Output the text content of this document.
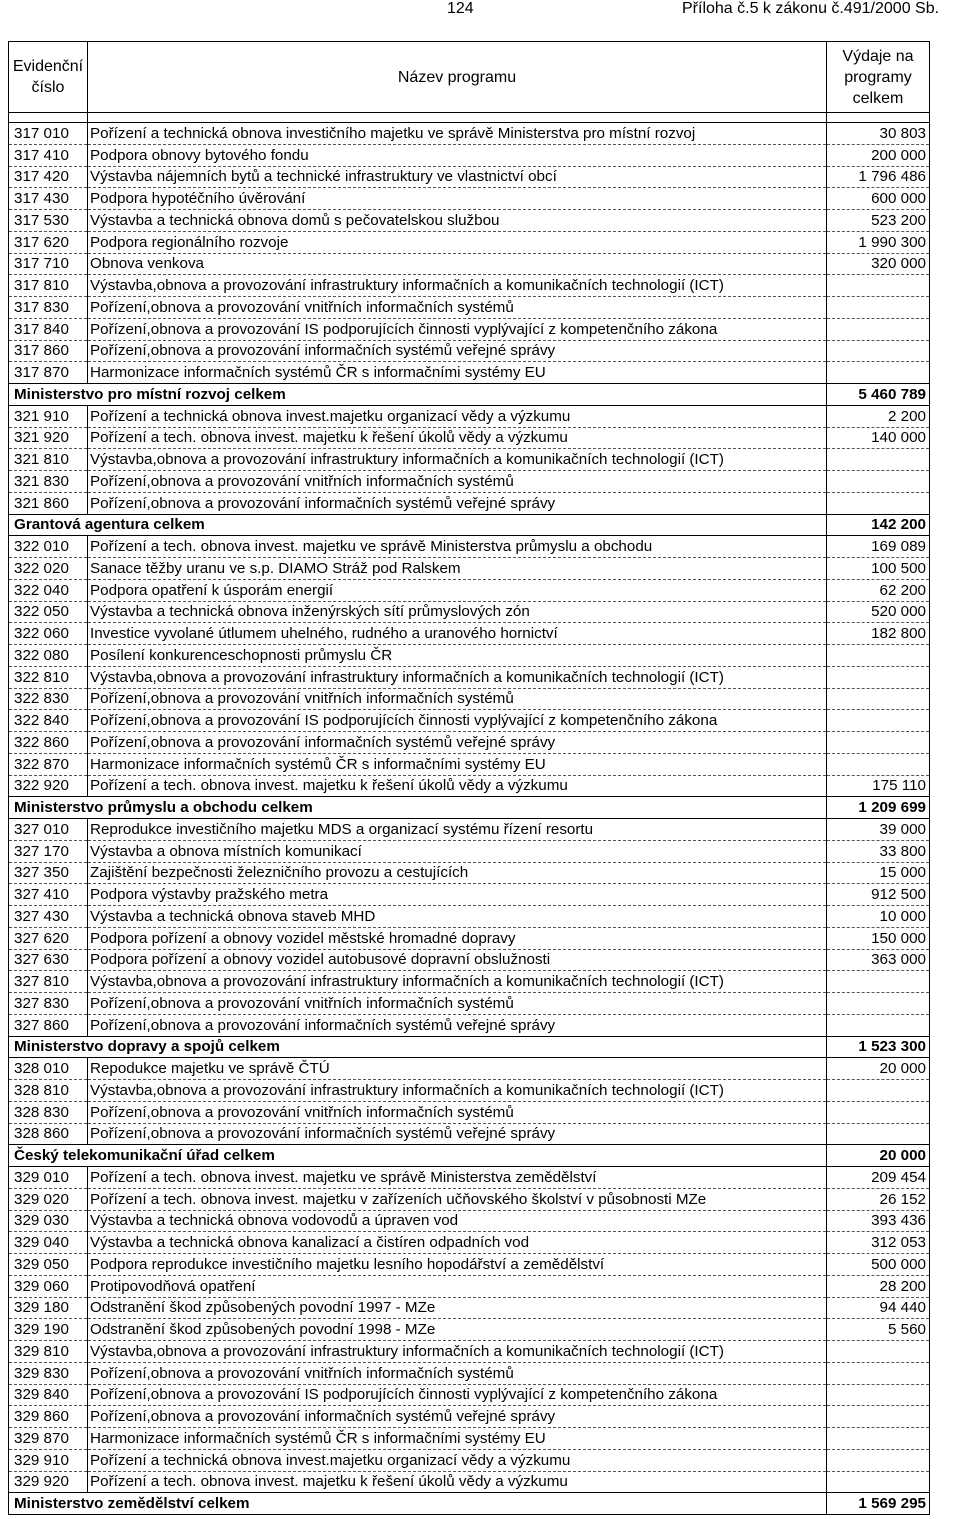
124	Příloha č.5 k zákonu č.491/2000 Sb.
Evidenční číslo	Název programu	Výdaje na programy celkem

317 010	Pořízení a technická obnova investičního majetku ve správě Ministerstva pro místní rozvoj	30 803
317 410	Podpora obnovy bytového fondu	200 000
317 420	Výstavba nájemních bytů a technické infrastruktury ve vlastnictví obcí	1 796 486
317 430	Podpora hypotéčního úvěrování	600 000
317 530	Výstavba a technická obnova domů s pečovatelskou službou	523 200
317 620	Podpora regionálního rozvoje	1 990 300
317 710	Obnova venkova	320 000
317 810	Výstavba,obnova a provozování infrastruktury informačních a komunikačních technologií (ICT)	
317 830	Pořízení,obnova a provozování vnitřních informačních systémů	
317 840	Pořízení,obnova a provozování IS podporujících činnosti vyplývající z kompetenčního zákona	
317 860	Pořízení,obnova a provozování informačních systémů veřejné správy	
317 870	Harmonizace informačních systémů ČR s informačními systémy EU	
Ministerstvo pro místní rozvoj celkem		5 460 789
321 910	Pořízení a technická obnova invest.majetku organizací vědy a výzkumu	2 200
321 920	Pořízení a tech. obnova invest. majetku k řešení úkolů vědy a výzkumu	140 000
321 810	Výstavba,obnova a provozování infrastruktury informačních a komunikačních technologií (ICT)	
321 830	Pořízení,obnova a provozování vnitřních informačních systémů	
321 860	Pořízení,obnova a provozování informačních systémů veřejné správy	
Grantová agentura celkem		142 200
322 010	Pořízení a tech. obnova invest. majetku ve správě Ministerstva průmyslu a obchodu	169 089
322 020	Sanace těžby uranu ve s.p. DIAMO Stráž pod Ralskem	100 500
322 040	Podpora opatření k úsporám energií	62 200
322 050	Výstavba a technická obnova inženýrských sítí průmyslových zón	520 000
322 060	Investice vyvolané útlumem uhelného, rudného a uranového hornictví	182 800
322 080	Posílení konkurenceschopnosti průmyslu ČR	
322 810	Výstavba,obnova a provozování infrastruktury informačních a komunikačních technologií (ICT)	
322 830	Pořízení,obnova a provozování vnitřních informačních systémů	
322 840	Pořízení,obnova a provozování IS podporujících činnosti vyplývající z kompetenčního zákona	
322 860	Pořízení,obnova a provozování informačních systémů veřejné správy	
322 870	Harmonizace informačních systémů ČR s informačními systémy EU	
322 920	Pořízení a tech. obnova invest. majetku k řešení úkolů vědy a výzkumu	175 110
Ministerstvo průmyslu a obchodu celkem		1 209 699
327 010	Reprodukce investičního majetku MDS a organizací systému řízení resortu	39 000
327 170	Výstavba a obnova místních komunikací	33 800
327 350	Zajištění bezpečnosti železničního provozu a cestujících	15 000
327 410	Podpora výstavby pražského metra	912 500
327 430	Výstavba a technická obnova staveb MHD	10 000
327 620	Podpora pořízení a obnovy vozidel městské hromadné dopravy	150 000
327 630	Podpora pořízení a obnovy vozidel autobusové dopravní obslužnosti	363 000
327 810	Výstavba,obnova a provozování infrastruktury informačních a komunikačních technologií (ICT)	
327 830	Pořízení,obnova a provozování vnitřních informačních systémů	
327 860	Pořízení,obnova a provozování informačních systémů veřejné správy	
Ministerstvo dopravy a spojů celkem		1 523 300
328 010	Repodukce majetku ve správě ČTÚ	20 000
328 810	Výstavba,obnova a provozování infrastruktury informačních a komunikačních technologií (ICT)	
328 830	Pořízení,obnova a provozování vnitřních informačních systémů	
328 860	Pořízení,obnova a provozování informačních systémů veřejné správy	
Český telekomunikační úřad celkem		20 000
329 010	Pořízení a tech. obnova invest. majetku ve správě Ministerstva zemědělství	209 454
329 020	Pořízení a tech. obnova invest. majetku v zařízeních učňovského školství v působnosti MZe	26 152
329 030	Výstavba a technická obnova vodovodů a úpraven vod	393 436
329 040	Výstavba a technická obnova kanalizací a čistíren odpadních vod	312 053
329 050	Podpora reprodukce investičního majetku lesního hopodářství a zemědělství	500 000
329 060	Protipovodňová opatření	28 200
329 180	Odstranění škod způsobených povodní 1997 - MZe	94 440
329 190	Odstranění škod způsobených povodní 1998 - MZe	5 560
329 810	Výstavba,obnova a provozování infrastruktury informačních a komunikačních technologií (ICT)	
329 830	Pořízení,obnova a provozování vnitřních informačních systémů	
329 840	Pořízení,obnova a provozování IS podporujících činnosti vyplývající z kompetenčního zákona	
329 860	Pořízení,obnova a provozování informačních systémů veřejné správy	
329 870	Harmonizace informačních systémů ČR s informačními systémy EU	
329 910	Pořízení a technická obnova invest.majetku organizací vědy a výzkumu	
329 920	Pořízení a tech. obnova invest. majetku k řešení úkolů vědy a výzkumu	
Ministerstvo zemědělství celkem		1 569 295
